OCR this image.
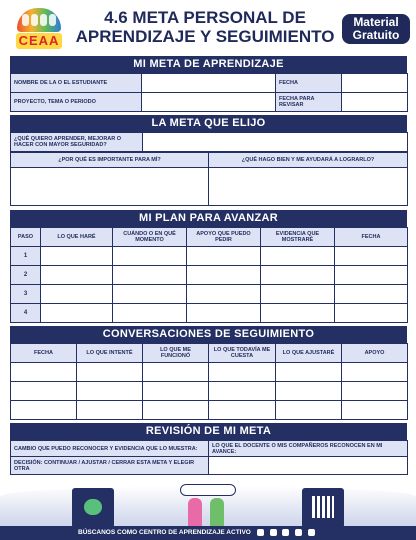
CEAA
4.6 META PERSONAL DE
APRENDIZAJE Y SEGUIMIENTO
Material
Gratuito
MI META DE APRENDIZAJE
NOMBRE DE LA O EL ESTUDIANTE		FECHA	
PROYECTO, TEMA O PERIODO		FECHA PARA REVISAR	
LA META QUE ELIJO
¿QUÉ QUIERO APRENDER, MEJORAR O HACER CON MAYOR SEGURIDAD?	
¿POR QUÉ ES IMPORTANTE PARA MÍ?	¿QUÉ HAGO BIEN Y ME AYUDARÁ A LOGRARLO?

MI PLAN PARA AVANZAR
PASO	LO QUE HARÉ	CUÁNDO O EN QUÉ MOMENTO	APOYO QUE PUEDO PEDIR	EVIDENCIA QUE MOSTRARÉ	FECHA
1					
2					
3					
4					
CONVERSACIONES DE SEGUIMIENTO
FECHA	LO QUE INTENTÉ	LO QUE ME FUNCIONÓ	LO QUE TODAVÍA ME CUESTA	LO QUE AJUSTARÉ	APOYO

REVISIÓN DE MI META
CAMBIO QUE PUEDO RECONOCER Y EVIDENCIA QUE LO MUESTRA:	LO QUE EL DOCENTE O MIS COMPAÑEROS RECONOCEN EN MI AVANCE:
DECISIÓN: CONTINUAR / AJUSTAR / CERRAR ESTA META Y ELEGIR OTRA	
BÚSCANOS COMO CENTRO DE APRENDIZAJE ACTIVO
